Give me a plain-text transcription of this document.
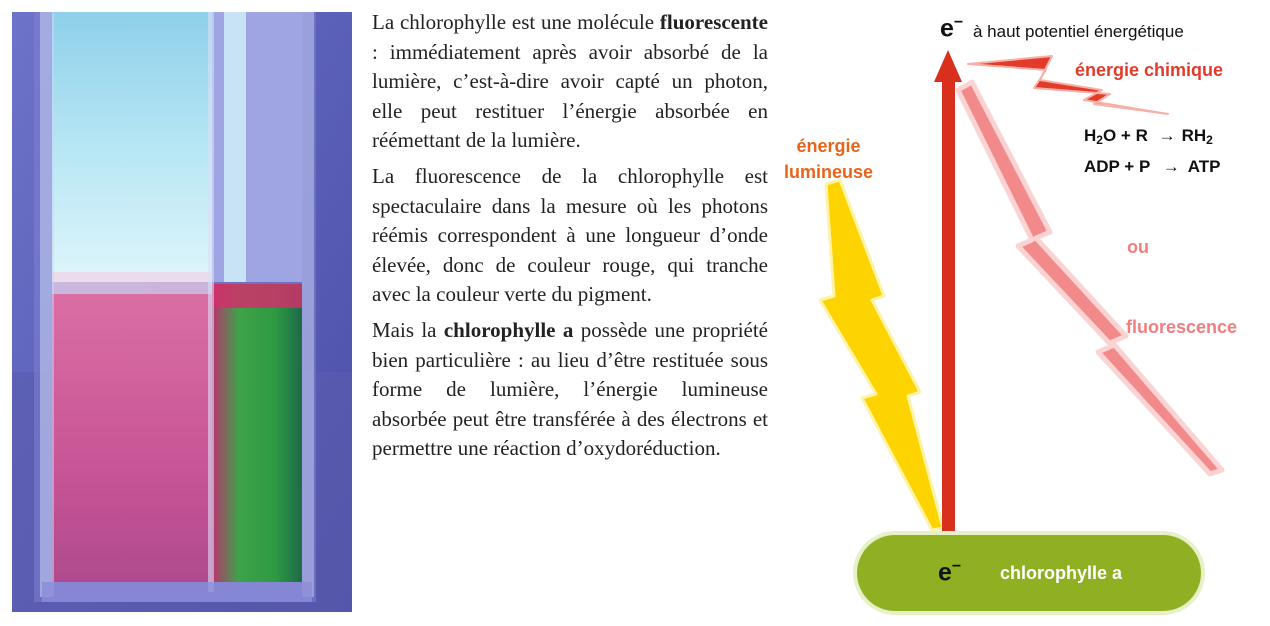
La chlorophylle est une molécule fluorescente : immédiatement après avoir absorbé de la lumière, c’est-à-dire avoir capté un photon, elle peut restituer l’énergie absorbée en réémettant de la lumière.

La fluorescence de la chlorophylle est spectaculaire dans la mesure où les photons réémis correspondent à une longueur d’onde élevée, donc de couleur rouge, qui tranche avec la couleur verte du pigment.

Mais la chlorophylle a possède une propriété bien particulière : au lieu d’être restituée sous forme de lumière, l’énergie lumineuse absorbée peut être transférée à des électrons et permettre une réaction d’oxydoréduction.

e− à haut potentiel énergétique
énergie chimique
$H_2O + R \to RH_2$
ADP + P → ATP
énergie
lumineuse
ou
fluorescence
e− chlorophylle a
